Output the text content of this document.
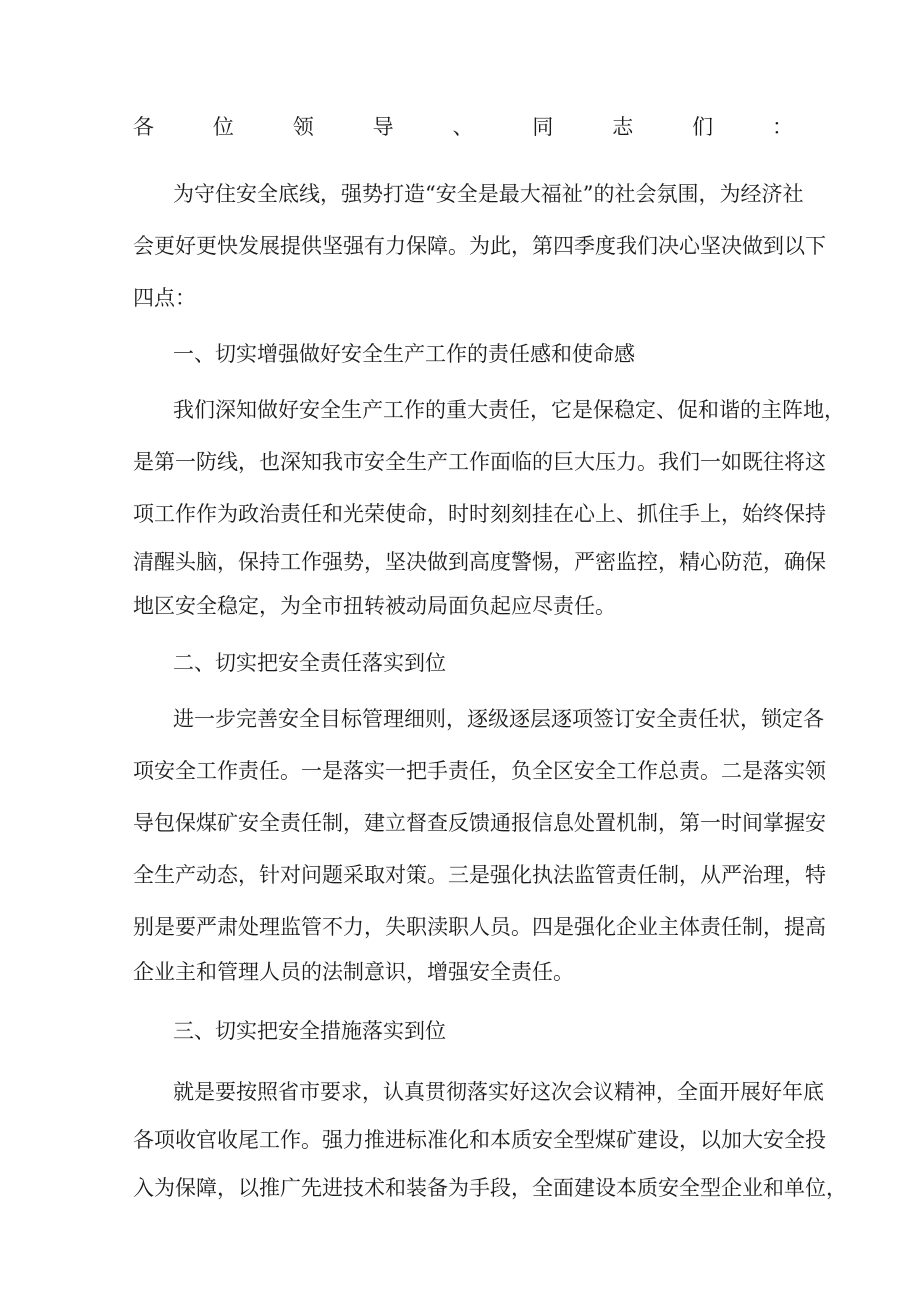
各位领导、同志们：

为守住安全底线，强势打造“安全是最大福祉”的社会氛围，为经济社

会更好更快发展提供坚强有力保障。为此，第四季度我们决心坚决做到以下

四点：

一、切实增强做好安全生产工作的责任感和使命感

我们深知做好安全生产工作的重大责任，它是保稳定、促和谐的主阵地，

是第一防线，也深知我市安全生产工作面临的巨大压力。我们一如既往将这

项工作作为政治责任和光荣使命，时时刻刻挂在心上、抓住手上，始终保持

清醒头脑，保持工作强势，坚决做到高度警惕，严密监控，精心防范，确保

地区安全稳定，为全市扭转被动局面负起应尽责任。

二、切实把安全责任落实到位

进一步完善安全目标管理细则，逐级逐层逐项签订安全责任状，锁定各

项安全工作责任。一是落实一把手责任，负全区安全工作总责。二是落实领

导包保煤矿安全责任制，建立督查反馈通报信息处置机制，第一时间掌握安

全生产动态，针对问题采取对策。三是强化执法监管责任制，从严治理，特

别是要严肃处理监管不力，失职渎职人员。四是强化企业主体责任制，提高

企业主和管理人员的法制意识，增强安全责任。

三、切实把安全措施落实到位

就是要按照省市要求，认真贯彻落实好这次会议精神，全面开展好年底

各项收官收尾工作。强力推进标准化和本质安全型煤矿建设，以加大安全投

入为保障，以推广先进技术和装备为手段，全面建设本质安全型企业和单位，
